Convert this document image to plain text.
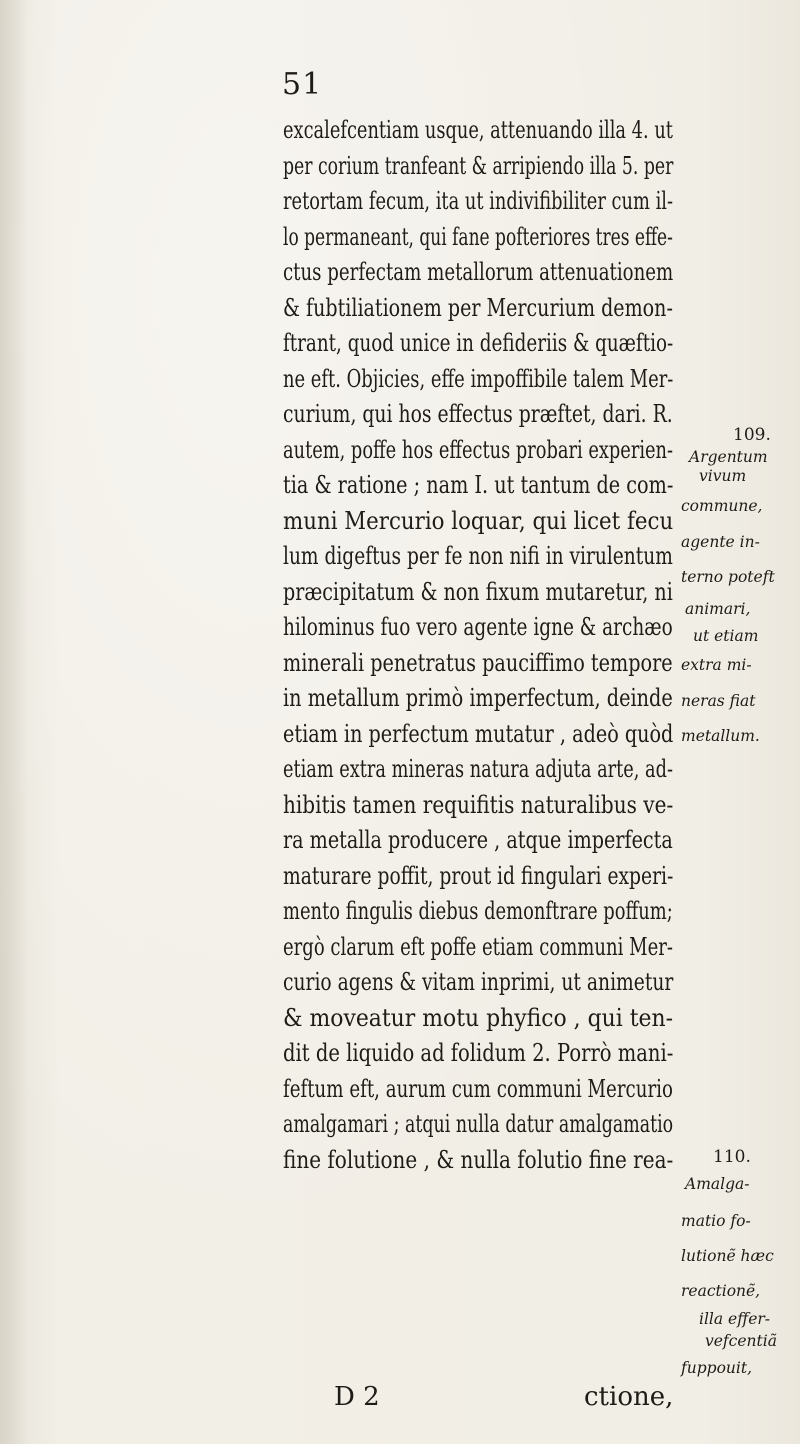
51
excalefcentiam usque, attenuando illa 4. ut
per corium tranfeant & arripiendo illa 5. per
retortam fecum, ita ut indivifibiliter cum il-
lo permaneant, qui fane pofteriores tres effe-
ctus perfectam metallorum attenuationem
& fubtiliationem per Mercurium demon-
ftrant, quod unice in defideriis & quæftio-
ne eft. Objicies, effe impoffibile talem Mer-
curium, qui hos effectus præftet, dari. R.
autem, poffe hos effectus probari experien-
tia & ratione ; nam I. ut tantum de com-
muni Mercurio loquar, qui licet fecu
lum digeftus per fe non nifi in virulentum
præcipitatum & non fixum mutaretur, ni
hilominus fuo vero agente igne & archæo
minerali penetratus pauciffimo tempore
in metallum primò imperfectum, deinde
etiam in perfectum mutatur , adeò quòd
etiam extra mineras natura adjuta arte, ad-
hibitis tamen requifitis naturalibus ve-
ra metalla producere , atque imperfecta
maturare poffit, prout id fingulari experi-
mento fingulis diebus demonftrare poffum;
ergò clarum eft poffe etiam communi Mer-
curio agens & vitam inprimi, ut animetur
& moveatur motu phyfico , qui ten-
dit de liquido ad folidum 2. Porrò mani-
feftum eft, aurum cum communi Mercurio
amalgamari ; atqui nulla datur amalgamatio
fine folutione , & nulla folutio fine rea-
D 2	ctione,
109.
Argentum
vivum
commune,
agente in-
terno poteft
animari,
ut etiam
extra mi-
neras fiat
metallum.
110.
Amalga-
matio fo-
lutionẽ hæc
reactionẽ,
illa effer-
vefcentiã
fuppouit,
